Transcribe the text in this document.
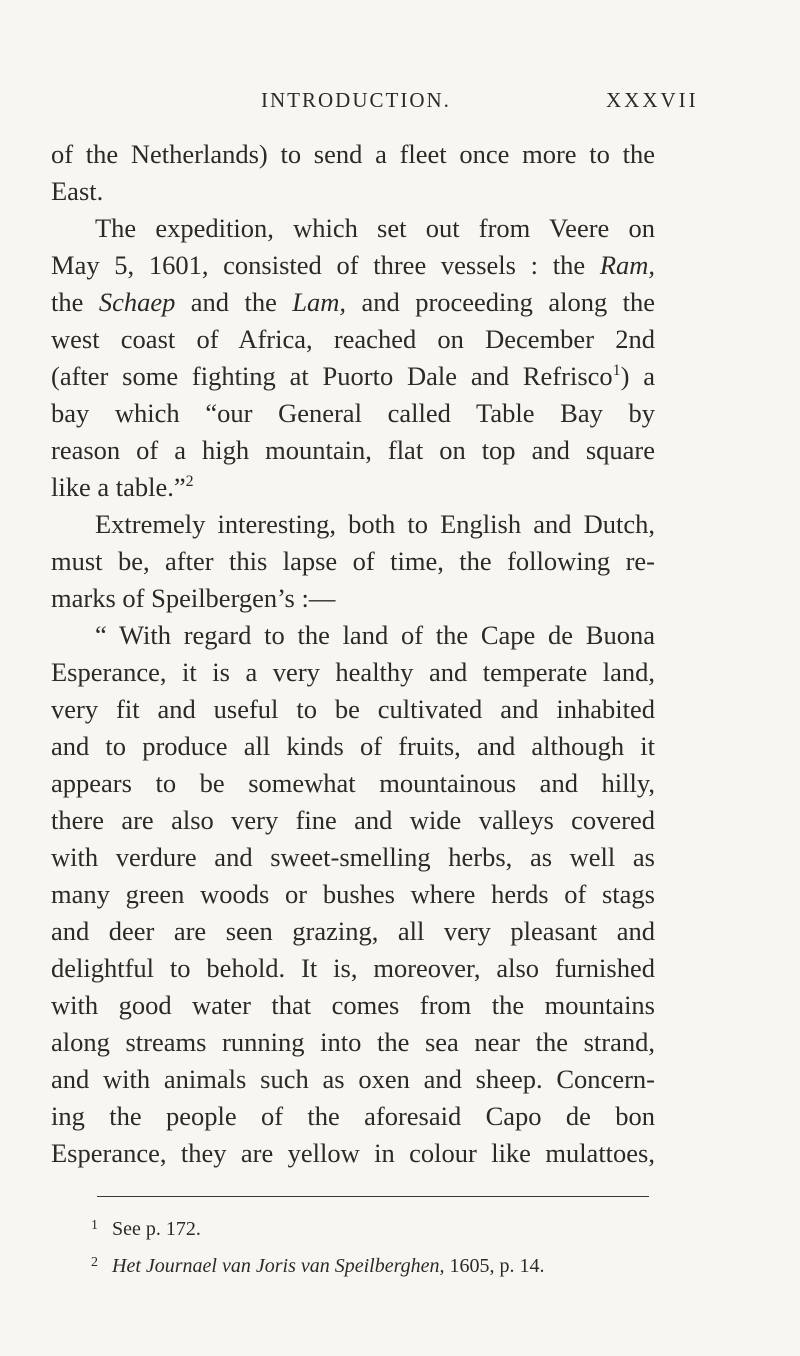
INTRODUCTION.	XXXVII

of the Netherlands) to send a fleet once more to the
East.

The expedition, which set out from Veere on
May 5, 1601, consisted of three vessels : the Ram,
the Schaep and the Lam, and proceeding along the
west coast of Africa, reached on December 2nd
(after some fighting at Puorto Dale and Refrisco$^1$) a
bay which “our General called Table Bay by
reason of a high mountain, flat on top and square
like a table.”$^2$

Extremely interesting, both to English and Dutch,
must be, after this lapse of time, the following re-
marks of Speilbergen’s :—

“ With regard to the land of the Cape de Buona
Esperance, it is a very healthy and temperate land,
very fit and useful to be cultivated and inhabited
and to produce all kinds of fruits, and although it
appears to be somewhat mountainous and hilly,
there are also very fine and wide valleys covered
with verdure and sweet-smelling herbs, as well as
many green woods or bushes where herds of stags
and deer are seen grazing, all very pleasant and
delightful to behold. It is, moreover, also furnished
with good water that comes from the mountains
along streams running into the sea near the strand,
and with animals such as oxen and sheep. Concern-
ing the people of the aforesaid Capo de bon
Esperance, they are yellow in colour like mulattoes,

1 See p. 172.
2 Het Journael van Joris van Speilberghen, 1605, p. 14.
